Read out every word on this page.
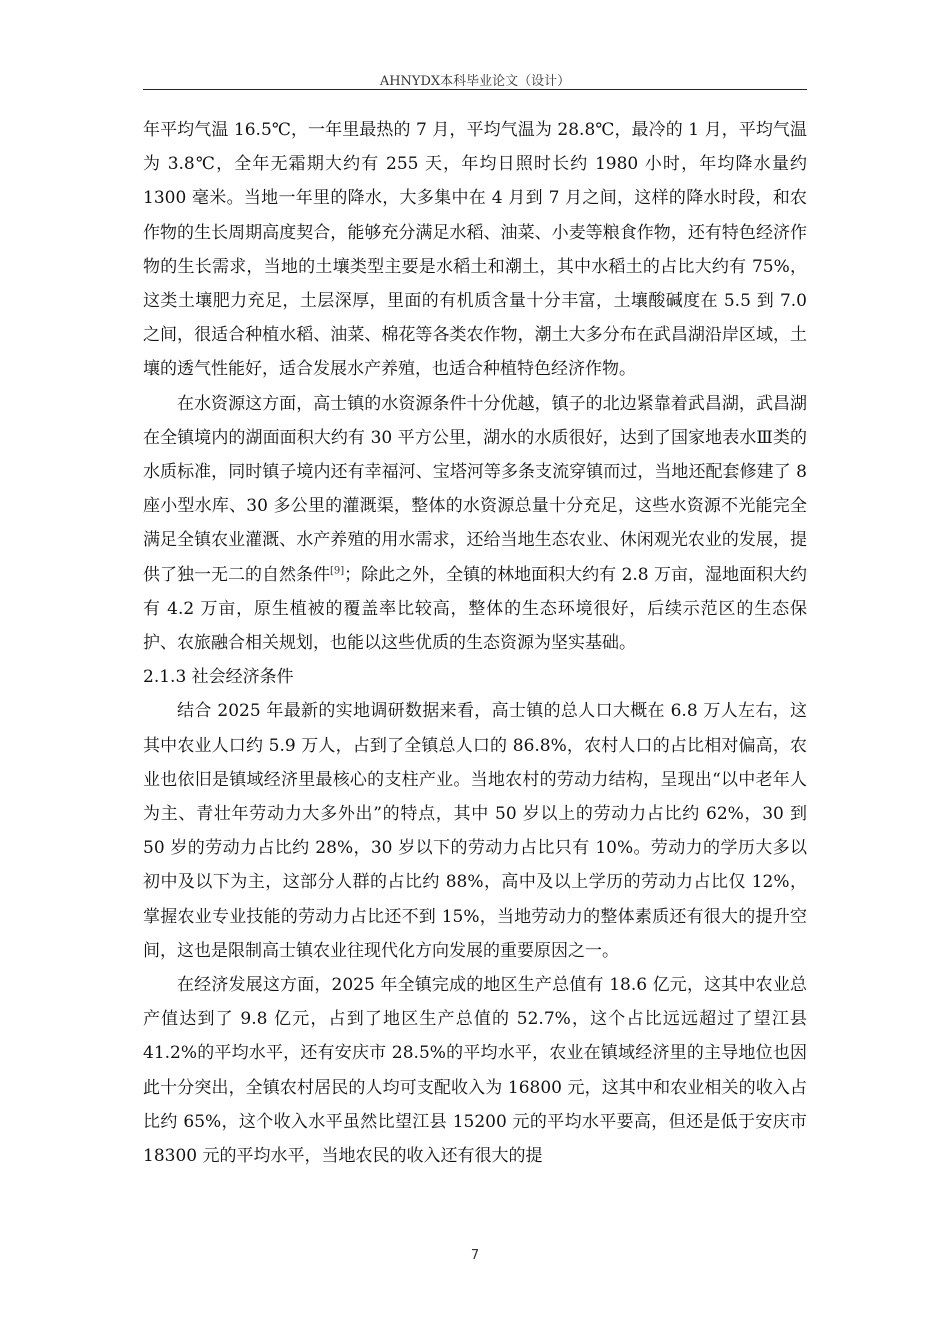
AHNYDX本科毕业论文（设计）

年平均气温 16.5℃，一年里最热的 7 月，平均气温为 28.8℃，最冷的 1 月，平均气温为 3.8℃，全年无霜期大约有 255 天，年均日照时长约 1980 小时，年均降水量约 1300 毫米。当地一年里的降水，大多集中在 4 月到 7 月之间，这样的降水时段，和农作物的生长周期高度契合，能够充分满足水稻、油菜、小麦等粮食作物，还有特色经济作物的生长需求，当地的土壤类型主要是水稻土和潮土，其中水稻土的占比大约有 75%，这类土壤肥力充足，土层深厚，里面的有机质含量十分丰富，土壤酸碱度在 5.5 到 7.0 之间，很适合种植水稻、油菜、棉花等各类农作物，潮土大多分布在武昌湖沿岸区域，土壤的透气性能好，适合发展水产养殖，也适合种植特色经济作物。

在水资源这方面，高士镇的水资源条件十分优越，镇子的北边紧靠着武昌湖，武昌湖在全镇境内的湖面面积大约有 30 平方公里，湖水的水质很好，达到了国家地表水Ⅲ类的水质标准，同时镇子境内还有幸福河、宝塔河等多条支流穿镇而过，当地还配套修建了 8 座小型水库、30 多公里的灌溉渠，整体的水资源总量十分充足，这些水资源不光能完全满足全镇农业灌溉、水产养殖的用水需求，还给当地生态农业、休闲观光农业的发展，提供了独一无二的自然条件[9]；除此之外，全镇的林地面积大约有 2.8 万亩，湿地面积大约有 4.2 万亩，原生植被的覆盖率比较高，整体的生态环境很好，后续示范区的生态保护、农旅融合相关规划，也能以这些优质的生态资源为坚实基础。

2.1.3 社会经济条件

结合 2025 年最新的实地调研数据来看，高士镇的总人口大概在 6.8 万人左右，这其中农业人口约 5.9 万人，占到了全镇总人口的 86.8%，农村人口的占比相对偏高，农业也依旧是镇域经济里最核心的支柱产业。当地农村的劳动力结构，呈现出“以中老年人为主、青壮年劳动力大多外出”的特点，其中 50 岁以上的劳动力占比约 62%，30 到 50 岁的劳动力占比约 28%，30 岁以下的劳动力占比只有 10%。劳动力的学历大多以初中及以下为主，这部分人群的占比约 88%，高中及以上学历的劳动力占比仅 12%，掌握农业专业技能的劳动力占比还不到 15%，当地劳动力的整体素质还有很大的提升空间，这也是限制高士镇农业往现代化方向发展的重要原因之一。

在经济发展这方面，2025 年全镇完成的地区生产总值有 18.6 亿元，这其中农业总产值达到了 9.8 亿元，占到了地区生产总值的 52.7%，这个占比远远超过了望江县 41.2%的平均水平，还有安庆市 28.5%的平均水平，农业在镇域经济里的主导地位也因此十分突出，全镇农村居民的人均可支配收入为 16800 元，这其中和农业相关的收入占比约 65%，这个收入水平虽然比望江县 15200 元的平均水平要高，但还是低于安庆市 18300 元的平均水平，当地农民的收入还有很大的提

7
